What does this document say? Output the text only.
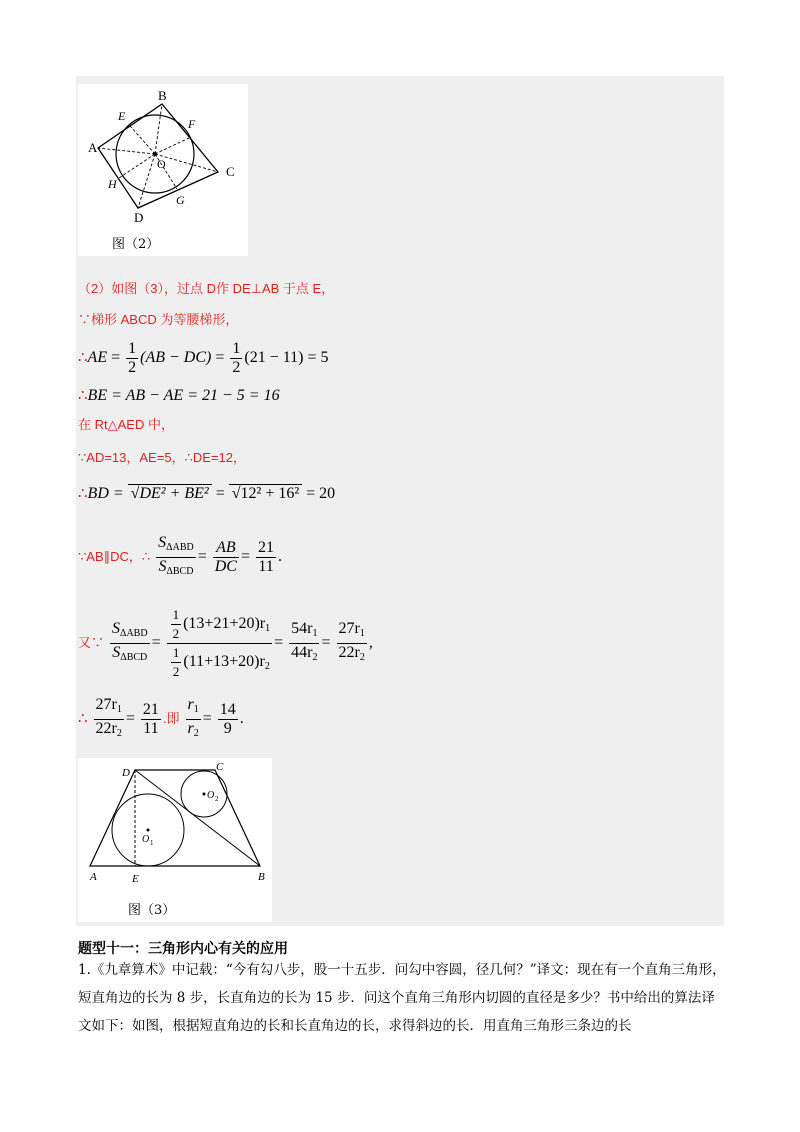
A
B
C
D
E
F
G
H
O
图（2）
（2）如图（3），过点 D作 DE⊥AB 于点 E，
∵梯形 ABCD 为等腰梯形，
∴AE = $\frac{1}{2} (AB - DC) = \frac{1}{2} (21 - 11) = 5$
∴BE = AB − AE = 21 − 5 = 16
在 Rt△AED 中，
∵AD=13，AE=5，∴DE=12，
∴BD = √DE² + BE² = √12² + 16² = 20
∵AB∥DC，∴ $\frac{S_{\Delta ABD}}{S_{\Delta BCD}} = \frac{AB}{DC} = \frac{21}{11}$ .
又∵ $\frac{S_{\Delta ABD}}{S_{\Delta BCD}} = \frac{\frac{1}{2} (13+21+20)r_1}{\frac{1}{2} (11+13+20)r_2} = \frac{54r_1}{44r_2} = \frac{27r_1}{22r_2}$ ,
∴ $\frac{27r_1}{22r_2} = \frac{21}{11}$ .即 $\frac{r_1}{r_2} = \frac{14}{9}$ .
D	C
A	E	B
O 1
O 2
图（3）
题型十一：三角形内心有关的应用
1.《九章算术》中记载：“今有勾八步，股一十五步．问勾中容圆，径几何？”译文：现在有一个直角三角形，短直角边的长为 8 步，长直角边的长为 15 步．问这个直角三角形内切圆的直径是多少？书中给出的算法译文如下：如图，根据短直角边的长和长直角边的长，求得斜边的长．用直角三角形三条边的长
